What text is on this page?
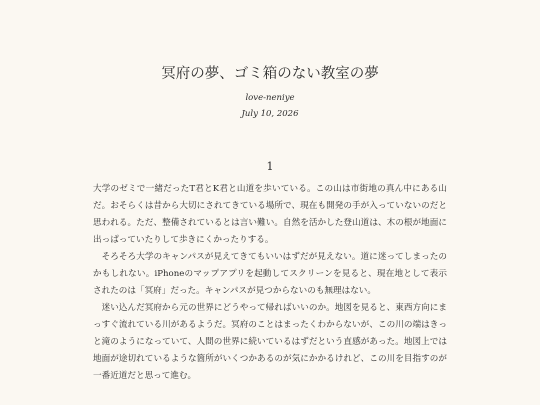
冥府の夢、ゴミ箱のない教室の夢
love-neniye
July 10, 2026
1

大学のゼミで一緒だったT君とK君と山道を歩いている。この山は市街地の真ん中にある山だ。おそらくは昔から大切にされてきている場所で、現在も開発の手が入っていないのだと思われる。ただ、整備されているとは言い難い。自然を活かした登山道は、木の根が地面に出っぱっていたりして歩きにくかったりする。

そろそろ大学のキャンパスが見えてきてもいいはずだが見えない。道に迷ってしまったのかもしれない。iPhoneのマップアプリを起動してスクリーンを見ると、現在地として表示されたのは「冥府」だった。キャンパスが見つからないのも無理はない。

迷い込んだ冥府から元の世界にどうやって帰ればいいのか。地図を見ると、東西方向にまっすぐ流れている川があるようだ。冥府のことはまったくわからないが、この川の端はきっと滝のようになっていて、人間の世界に続いているはずだという直感があった。地図上では地面が途切れているような箇所がいくつかあるのが気にかかるけれど、この川を目指すのが一番近道だと思って進む。
